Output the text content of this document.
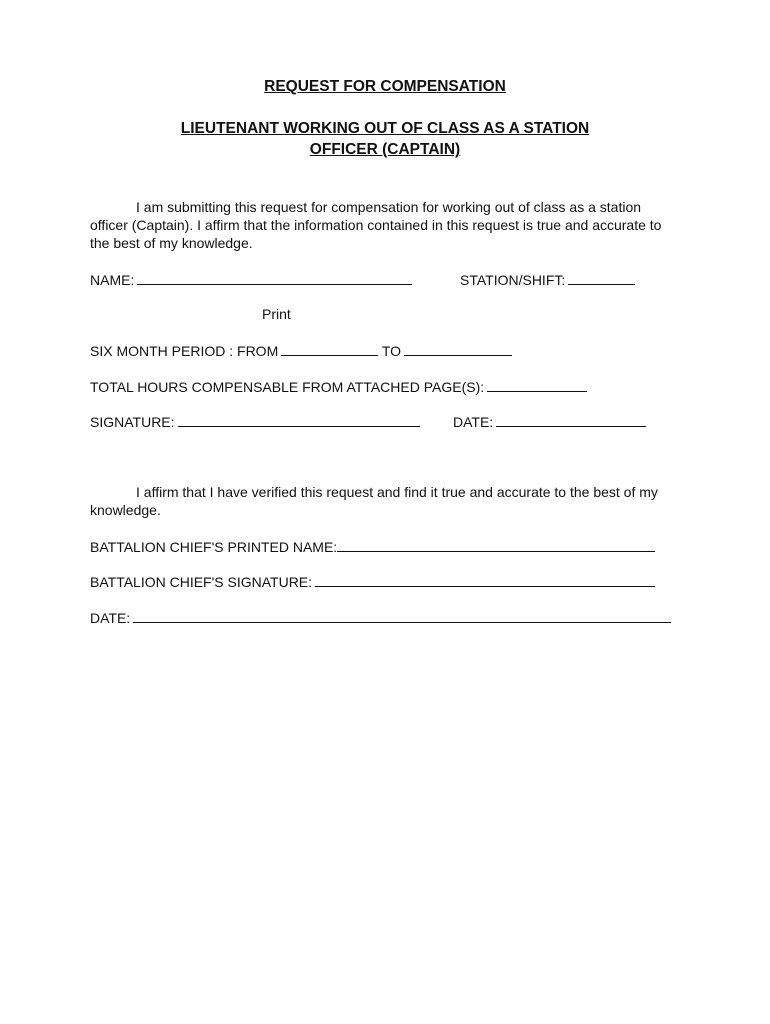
REQUEST FOR COMPENSATION
LIEUTENANT WORKING OUT OF CLASS AS A STATION
OFFICER (CAPTAIN)
I am submitting this request for compensation for working out of class as a station officer (Captain). I affirm that the information contained in this request is true and accurate to the best of my knowledge.
NAME:	STATION/SHIFT:
Print
SIX MONTH PERIOD : FROM	TO
TOTAL HOURS COMPENSABLE FROM ATTACHED PAGE(S):
SIGNATURE:	DATE:
I affirm that I have verified this request and find it true and accurate to the best of my knowledge.
BATTALION CHIEF'S PRINTED NAME:
BATTALION CHIEF'S SIGNATURE:
DATE:
